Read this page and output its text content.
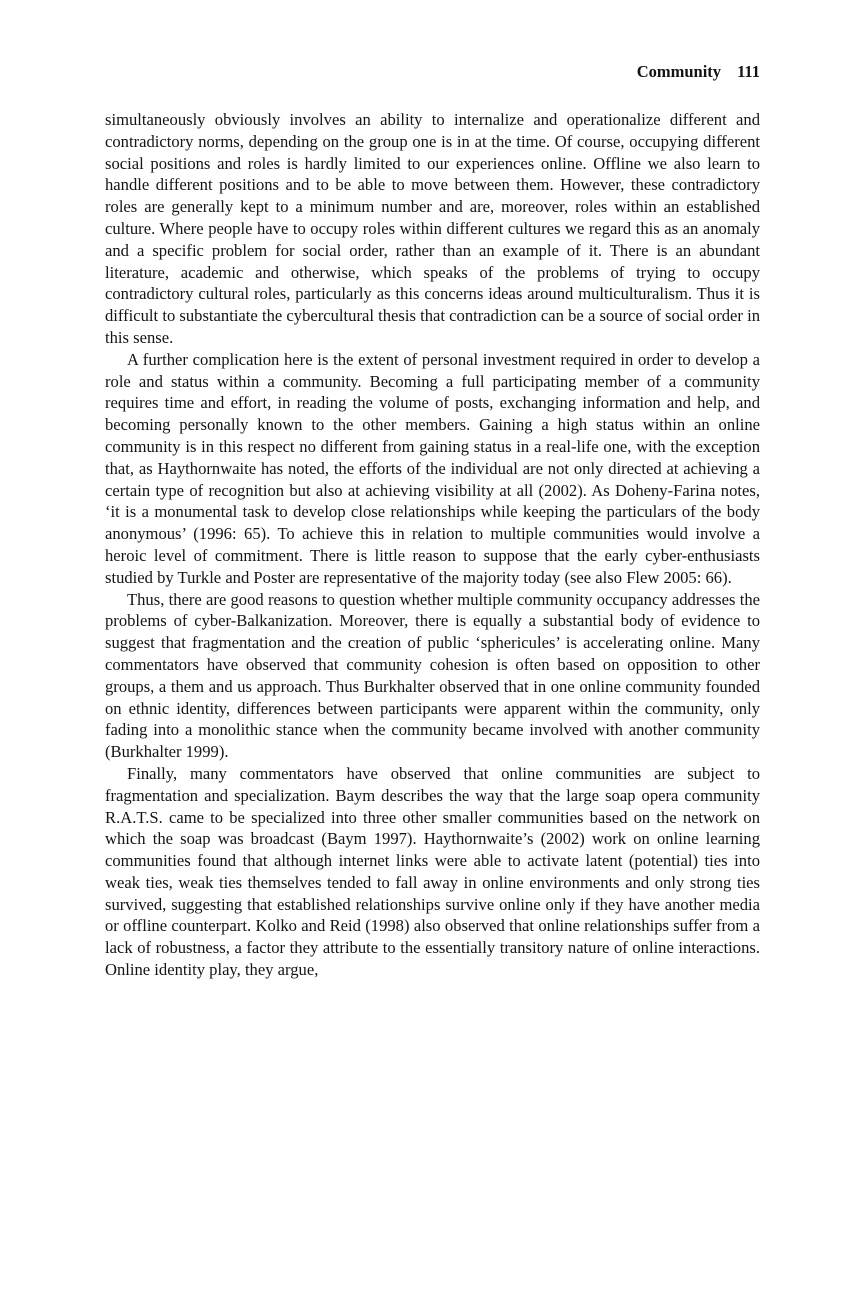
Community 111

simultaneously obviously involves an ability to internalize and operationalize different and contradictory norms, depending on the group one is in at the time. Of course, occupying different social positions and roles is hardly limited to our experiences online. Offline we also learn to handle different positions and to be able to move between them. However, these contradictory roles are generally kept to a minimum number and are, moreover, roles within an established culture. Where people have to occupy roles within different cultures we regard this as an anomaly and a specific problem for social order, rather than an example of it. There is an abundant literature, academic and otherwise, which speaks of the problems of trying to occupy contradictory cultural roles, particularly as this concerns ideas around multiculturalism. Thus it is difficult to substantiate the cybercultural thesis that contradiction can be a source of social order in this sense.

A further complication here is the extent of personal investment required in order to develop a role and status within a community. Becoming a full participating member of a community requires time and effort, in reading the volume of posts, exchanging information and help, and becoming personally known to the other members. Gaining a high status within an online community is in this respect no different from gaining status in a real-life one, with the exception that, as Haythornwaite has noted, the efforts of the individual are not only directed at achieving a certain type of recognition but also at achieving visibility at all (2002). As Doheny-Farina notes, ‘it is a monumental task to develop close relationships while keeping the particulars of the body anonymous’ (1996: 65). To achieve this in relation to multiple communities would involve a heroic level of commitment. There is little reason to suppose that the early cyber-enthusiasts studied by Turkle and Poster are representative of the majority today (see also Flew 2005: 66).

Thus, there are good reasons to question whether multiple community occupancy addresses the problems of cyber-Balkanization. Moreover, there is equally a substantial body of evidence to suggest that fragmentation and the creation of public ‘sphericules’ is accelerating online. Many commentators have observed that community cohesion is often based on opposition to other groups, a them and us approach. Thus Burkhalter observed that in one online community founded on ethnic identity, differences between participants were apparent within the community, only fading into a monolithic stance when the community became involved with another community (Burkhalter 1999).

Finally, many commentators have observed that online communities are subject to fragmentation and specialization. Baym describes the way that the large soap opera community R.A.T.S. came to be specialized into three other smaller communities based on the network on which the soap was broadcast (Baym 1997). Haythornwaite’s (2002) work on online learning communities found that although internet links were able to activate latent (potential) ties into weak ties, weak ties themselves tended to fall away in online environments and only strong ties survived, suggesting that established relationships survive online only if they have another media or offline counterpart. Kolko and Reid (1998) also observed that online relationships suffer from a lack of robustness, a factor they attribute to the essentially transitory nature of online interactions. Online identity play, they argue,
